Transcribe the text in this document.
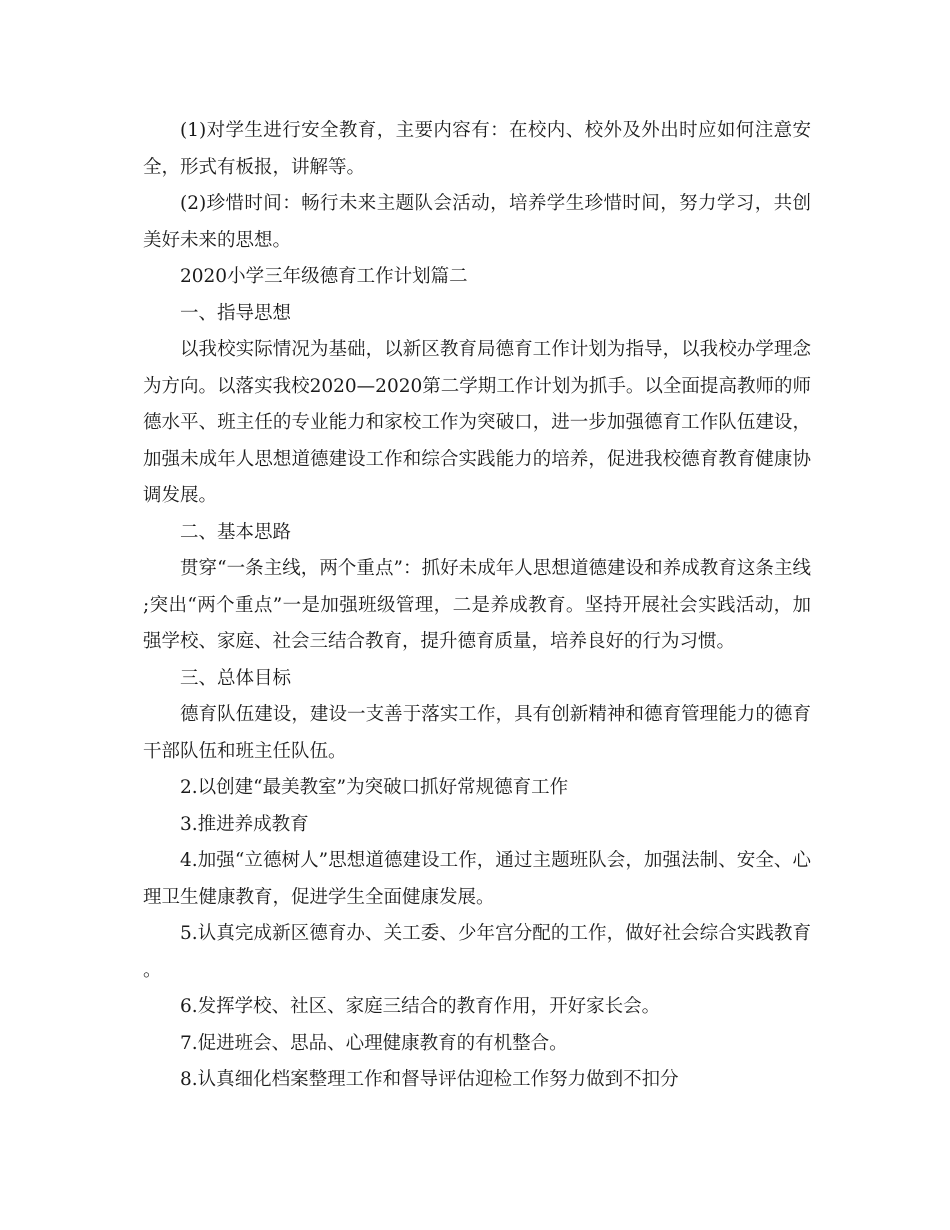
(1)对学生进行安全教育，主要内容有：在校内、校外及外出时应如何注意安全，形式有板报，讲解等。

(2)珍惜时间：畅行未来主题队会活动，培养学生珍惜时间，努力学习，共创美好未来的思想。

2020小学三年级德育工作计划篇二

一、指导思想

以我校实际情况为基础，以新区教育局德育工作计划为指导，以我校办学理念为方向。以落实我校2020—2020第二学期工作计划为抓手。以全面提高教师的师德水平、班主任的专业能力和家校工作为突破口，进一步加强德育工作队伍建设，加强未成年人思想道德建设工作和综合实践能力的培养，促进我校德育教育健康协调发展。

二、基本思路

贯穿“一条主线，两个重点”：抓好未成年人思想道德建设和养成教育这条主线;突出“两个重点”一是加强班级管理，二是养成教育。坚持开展社会实践活动，加强学校、家庭、社会三结合教育，提升德育质量，培养良好的行为习惯。

三、总体目标

德育队伍建设，建设一支善于落实工作，具有创新精神和德育管理能力的德育干部队伍和班主任队伍。

2.以创建“最美教室”为突破口抓好常规德育工作

3.推进养成教育

4.加强“立德树人”思想道德建设工作，通过主题班队会，加强法制、安全、心理卫生健康教育，促进学生全面健康发展。

5.认真完成新区德育办、关工委、少年宫分配的工作，做好社会综合实践教育。

6.发挥学校、社区、家庭三结合的教育作用，开好家长会。

7.促进班会、思品、心理健康教育的有机整合。

8.认真细化档案整理工作和督导评估迎检工作努力做到不扣分
